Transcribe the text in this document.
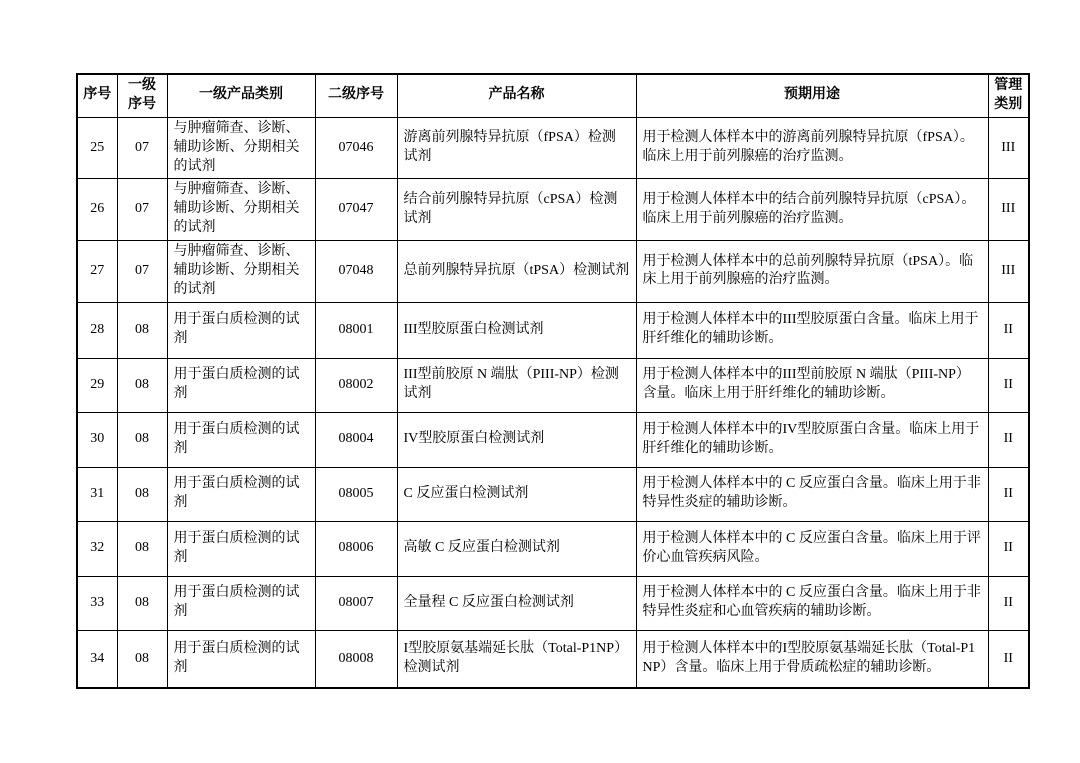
序号	一级序号	一级产品类别	二级序号	产品名称	预期用途	管理类别
25	07	与肿瘤筛查、诊断、辅助诊断、分期相关的试剂	07046	游离前列腺特异抗原（fPSA）检测试剂	用于检测人体样本中的游离前列腺特异抗原（fPSA）。临床上用于前列腺癌的治疗监测。	III
26	07	与肿瘤筛查、诊断、辅助诊断、分期相关的试剂	07047	结合前列腺特异抗原（cPSA）检测试剂	用于检测人体样本中的结合前列腺特异抗原（cPSA）。临床上用于前列腺癌的治疗监测。	III
27	07	与肿瘤筛查、诊断、辅助诊断、分期相关的试剂	07048	总前列腺特异抗原（tPSA）检测试剂	用于检测人体样本中的总前列腺特异抗原（tPSA）。临床上用于前列腺癌的治疗监测。	III
28	08	用于蛋白质检测的试剂	08001	III型胶原蛋白检测试剂	用于检测人体样本中的III型胶原蛋白含量。临床上用于肝纤维化的辅助诊断。	II
29	08	用于蛋白质检测的试剂	08002	III型前胶原 N 端肽（PIII-NP）检测试剂	用于检测人体样本中的III型前胶原 N 端肽（PIII-NP）含量。临床上用于肝纤维化的辅助诊断。	II
30	08	用于蛋白质检测的试剂	08004	IV型胶原蛋白检测试剂	用于检测人体样本中的IV型胶原蛋白含量。临床上用于肝纤维化的辅助诊断。	II
31	08	用于蛋白质检测的试剂	08005	C 反应蛋白检测试剂	用于检测人体样本中的 C 反应蛋白含量。临床上用于非特异性炎症的辅助诊断。	II
32	08	用于蛋白质检测的试剂	08006	高敏 C 反应蛋白检测试剂	用于检测人体样本中的 C 反应蛋白含量。临床上用于评价心血管疾病风险。	II
33	08	用于蛋白质检测的试剂	08007	全量程 C 反应蛋白检测试剂	用于检测人体样本中的 C 反应蛋白含量。临床上用于非特异性炎症和心血管疾病的辅助诊断。	II
34	08	用于蛋白质检测的试剂	08008	I型胶原氨基端延长肽（Total-P1NP）检测试剂	用于检测人体样本中的I型胶原氨基端延长肽（Total-P1NP）含量。临床上用于骨质疏松症的辅助诊断。	II
